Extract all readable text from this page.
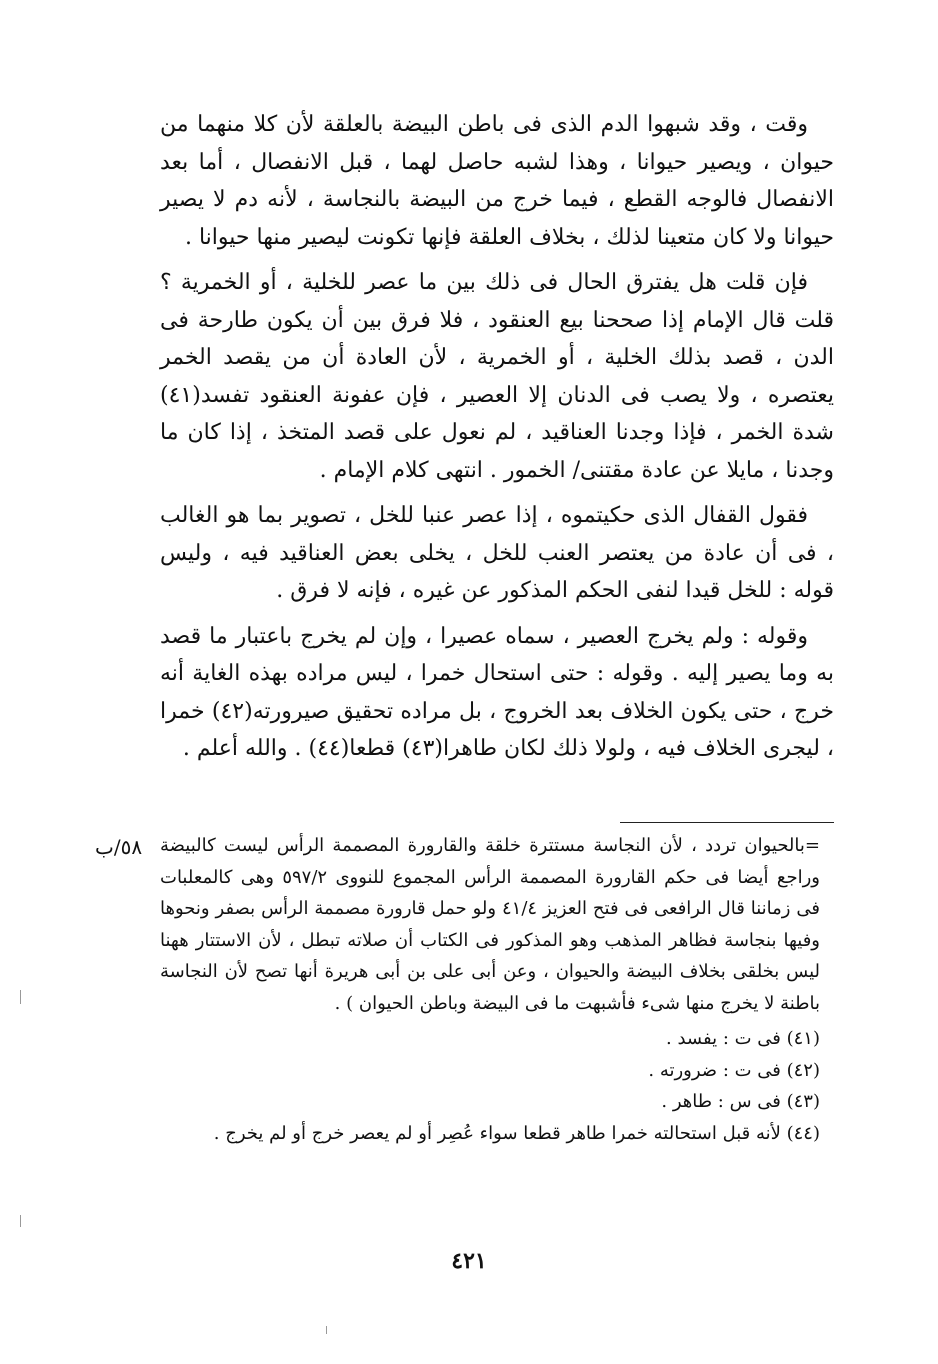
وقت ، وقد شبهوا الدم الذى فى باطن البيضة بالعلقة لأن كلا منهما من حيوان ، ويصير حيوانا ، وهذا لشبه حاصل لهما ، قبل الانفصال ، أما بعد الانفصال فالوجه القطع ، فيما خرج من البيضة بالنجاسة ، لأنه دم لا يصير حيوانا ولا كان متعينا لذلك ، بخلاف العلقة فإنها تكونت ليصير منها حيوانا .

فإن قلت هل يفترق الحال فى ذلك بين ما عصر للخلية ، أو الخمرية ؟ قلت قال الإمام إذا صححنا بيع العنقود ، فلا فرق بين أن يكون طارحة فى الدن ، قصد بذلك الخلية ، أو الخمرية ، لأن العادة أن من يقصد الخمر يعتصره ، ولا يصب فى الدنان إلا العصير ، فإن عفونة العنقود تفسد(٤١) شدة الخمر ، فإذا وجدنا العناقيد ، لم نعول على قصد المتخذ ، إذا كان ما وجدنا ، مايلا عن عادة مقتنى/ الخمور . انتهى كلام الإمام .

فقول القفال الذى حكيتموه ، إذا عصر عنبا للخل ، تصوير بما هو الغالب ، فى أن عادة من يعتصر العنب للخل ، يخلى بعض العناقيد فيه ، وليس قوله : للخل قيدا لنفى الحكم المذكور عن غيره ، فإنه لا فرق .

وقوله : ولم يخرج العصير ، سماه عصيرا ، وإن لم يخرج باعتبار ما قصد به وما يصير إليه . وقوله : حتى استحال خمرا ، ليس مراده بهذه الغاية أنه خرج ، حتى يكون الخلاف بعد الخروج ، بل مراده تحقيق صيرورته(٤٢) خمرا ، ليجرى الخلاف فيه ، ولولا ذلك لكان طاهرا(٤٣) قطعا(٤٤) . والله أعلم .

٥٨/ب =بالحيوان تردد ، لأن النجاسة مستترة خلقة والقارورة المصممة الرأس ليست كالبيضة وراجع أيضا فى حكم القارورة المصممة الرأس المجموع للنووى ٥٩٧/٢ وهى كالمعلبات فى زماننا قال الرافعى فى فتح العزيز ٤١/٤ ولو حمل قارورة مصممة الرأس بصفر ونحوها وفيها بنجاسة فظاهر المذهب وهو المذكور فى الكتاب أن صلاته تبطل ، لأن الاستتار ههنا ليس بخلقى بخلاف البيضة والحيوان ، وعن أبى على بن أبى هريرة أنها تصح لأن النجاسة باطنة لا يخرج منها شىء فأشبهت ما فى البيضة وباطن الحيوان ) .

(٤١) فى ت : يفسد .
(٤٢) فى ت : ضرورته .
(٤٣) فى س : طاهر .
(٤٤) لأنه قبل استحالته خمرا طاهر قطعا سواء عُصِر أو لم يعصر خرج أو لم يخرج .
٤٢١
